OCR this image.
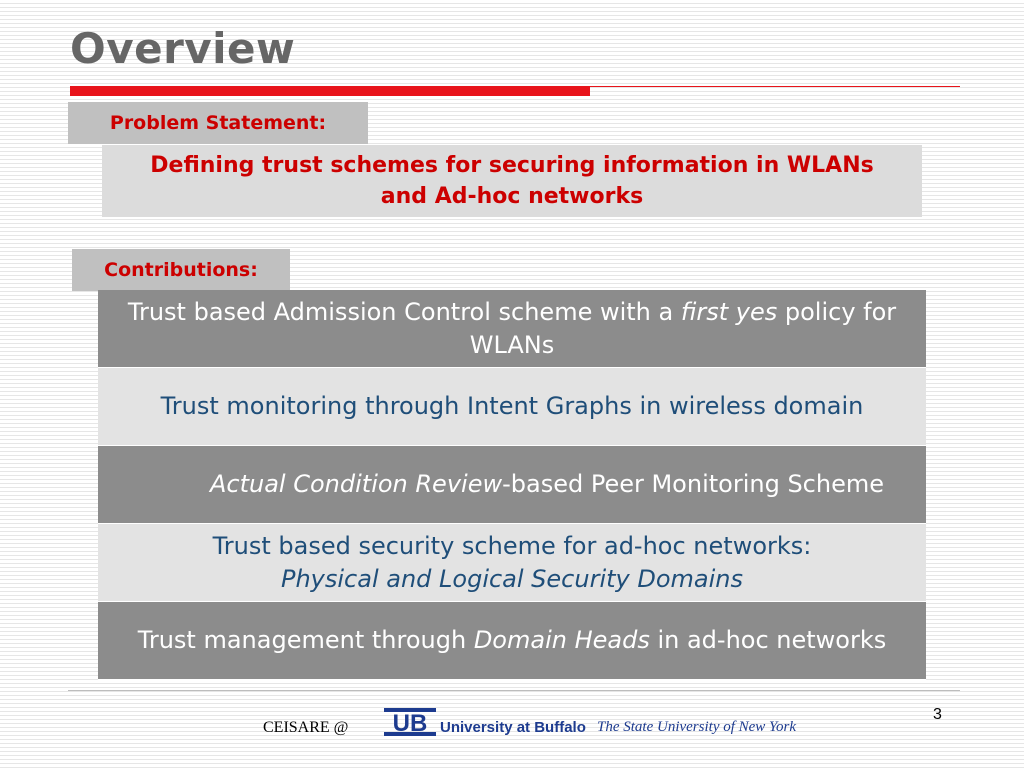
Overview
Problem Statement:
Defining trust schemes for securing information in WLANs and Ad-hoc networks
Contributions:
Trust based Admission Control scheme with a first yes policy for WLANs
Trust monitoring through Intent Graphs in wireless domain
Actual Condition Review-based Peer Monitoring Scheme
Trust based security scheme for ad-hoc networks:
Physical and Logical Security Domains
Trust management through Domain Heads in ad-hoc networks
CEISARE @ UB University at Buffalo The State University of New York
3
